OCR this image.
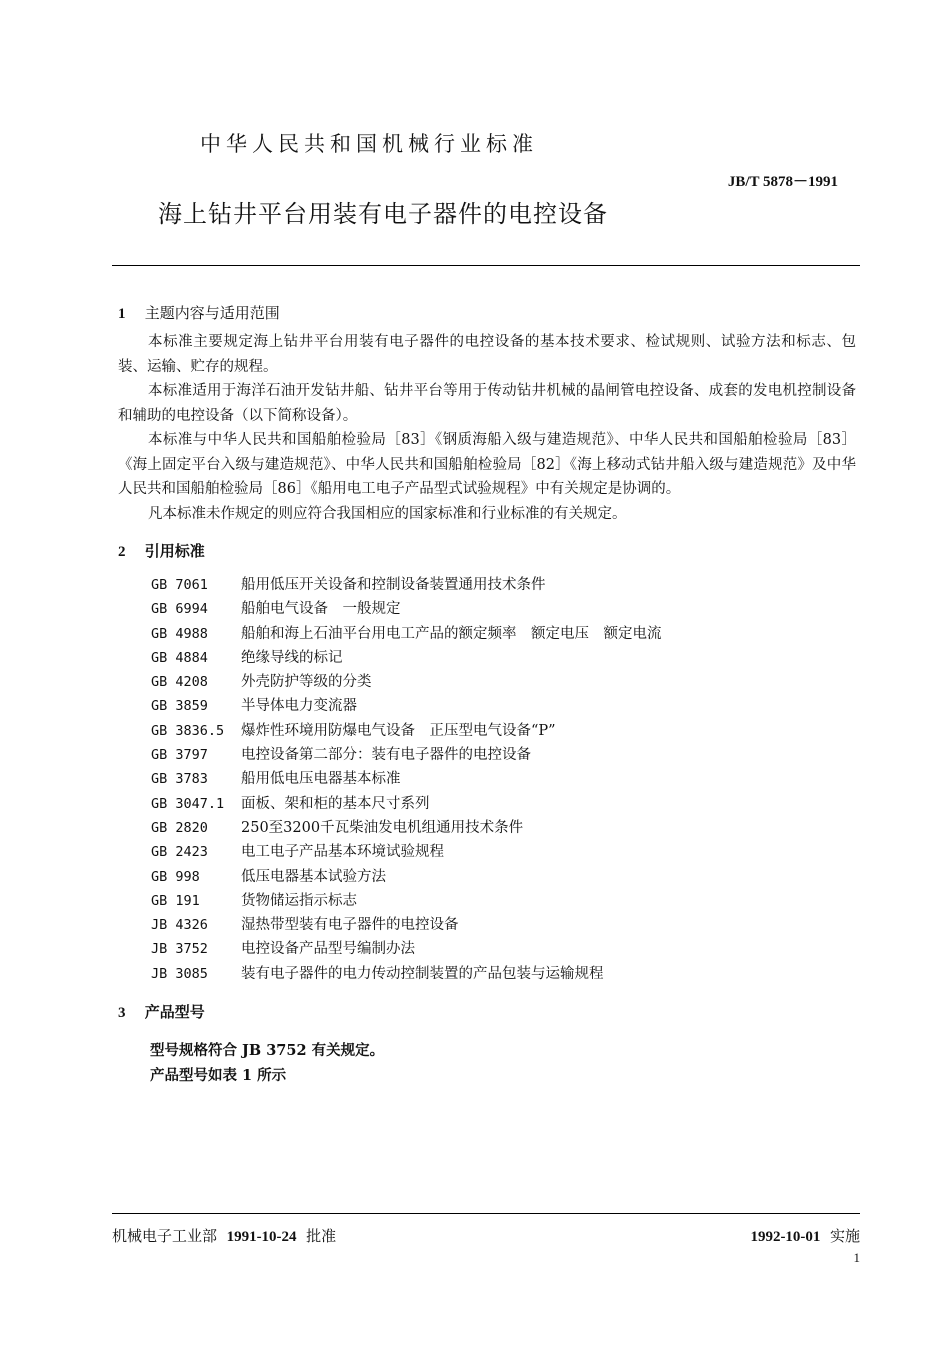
中华人民共和国机械行业标准
JB/T 5878－1991
海上钻井平台用装有电子器件的电控设备
1 主题内容与适用范围

本标准主要规定海上钻井平台用装有电子器件的电控设备的基本技术要求、检试规则、试验方法和标志、包装、运输、贮存的规程。

本标准适用于海洋石油开发钻井船、钻井平台等用于传动钻井机械的晶闸管电控设备、成套的发电机控制设备和辅助的电控设备（以下简称设备）。

本标准与中华人民共和国船舶检验局［83］《钢质海船入级与建造规范》、中华人民共和国船舶检验局［83］《海上固定平台入级与建造规范》、中华人民共和国船舶检验局［82］《海上移动式钻井船入级与建造规范》及中华人民共和国船舶检验局［86］《船用电工电子产品型式试验规程》中有关规定是协调的。

凡本标准未作规定的则应符合我国相应的国家标准和行业标准的有关规定。

2 引用标准
GB 7061	船用低压开关设备和控制设备装置通用技术条件
GB 6994	船舶电气设备　一般规定
GB 4988	船舶和海上石油平台用电工产品的额定频率　额定电压　额定电流
GB 4884	绝缘导线的标记
GB 4208	外壳防护等级的分类
GB 3859	半导体电力变流器
GB 3836.5	爆炸性环境用防爆电气设备　正压型电气设备“P”
GB 3797	电控设备第二部分：装有电子器件的电控设备
GB 3783	船用低电压电器基本标准
GB 3047.1	面板、架和柜的基本尺寸系列
GB 2820	250至3200千瓦柴油发电机组通用技术条件
GB 2423	电工电子产品基本环境试验规程
GB 998	低压电器基本试验方法
GB 191	货物储运指示标志
JB 4326	湿热带型装有电子器件的电控设备
JB 3752	电控设备产品型号编制办法
JB 3085	装有电子器件的电力传动控制装置的产品包装与运输规程
3 产品型号
型号规格符合 JB 3752 有关规定。
产品型号如表 1 所示
机械电子工业部 1991-10-24 批准	1992-10-01 实施
1
